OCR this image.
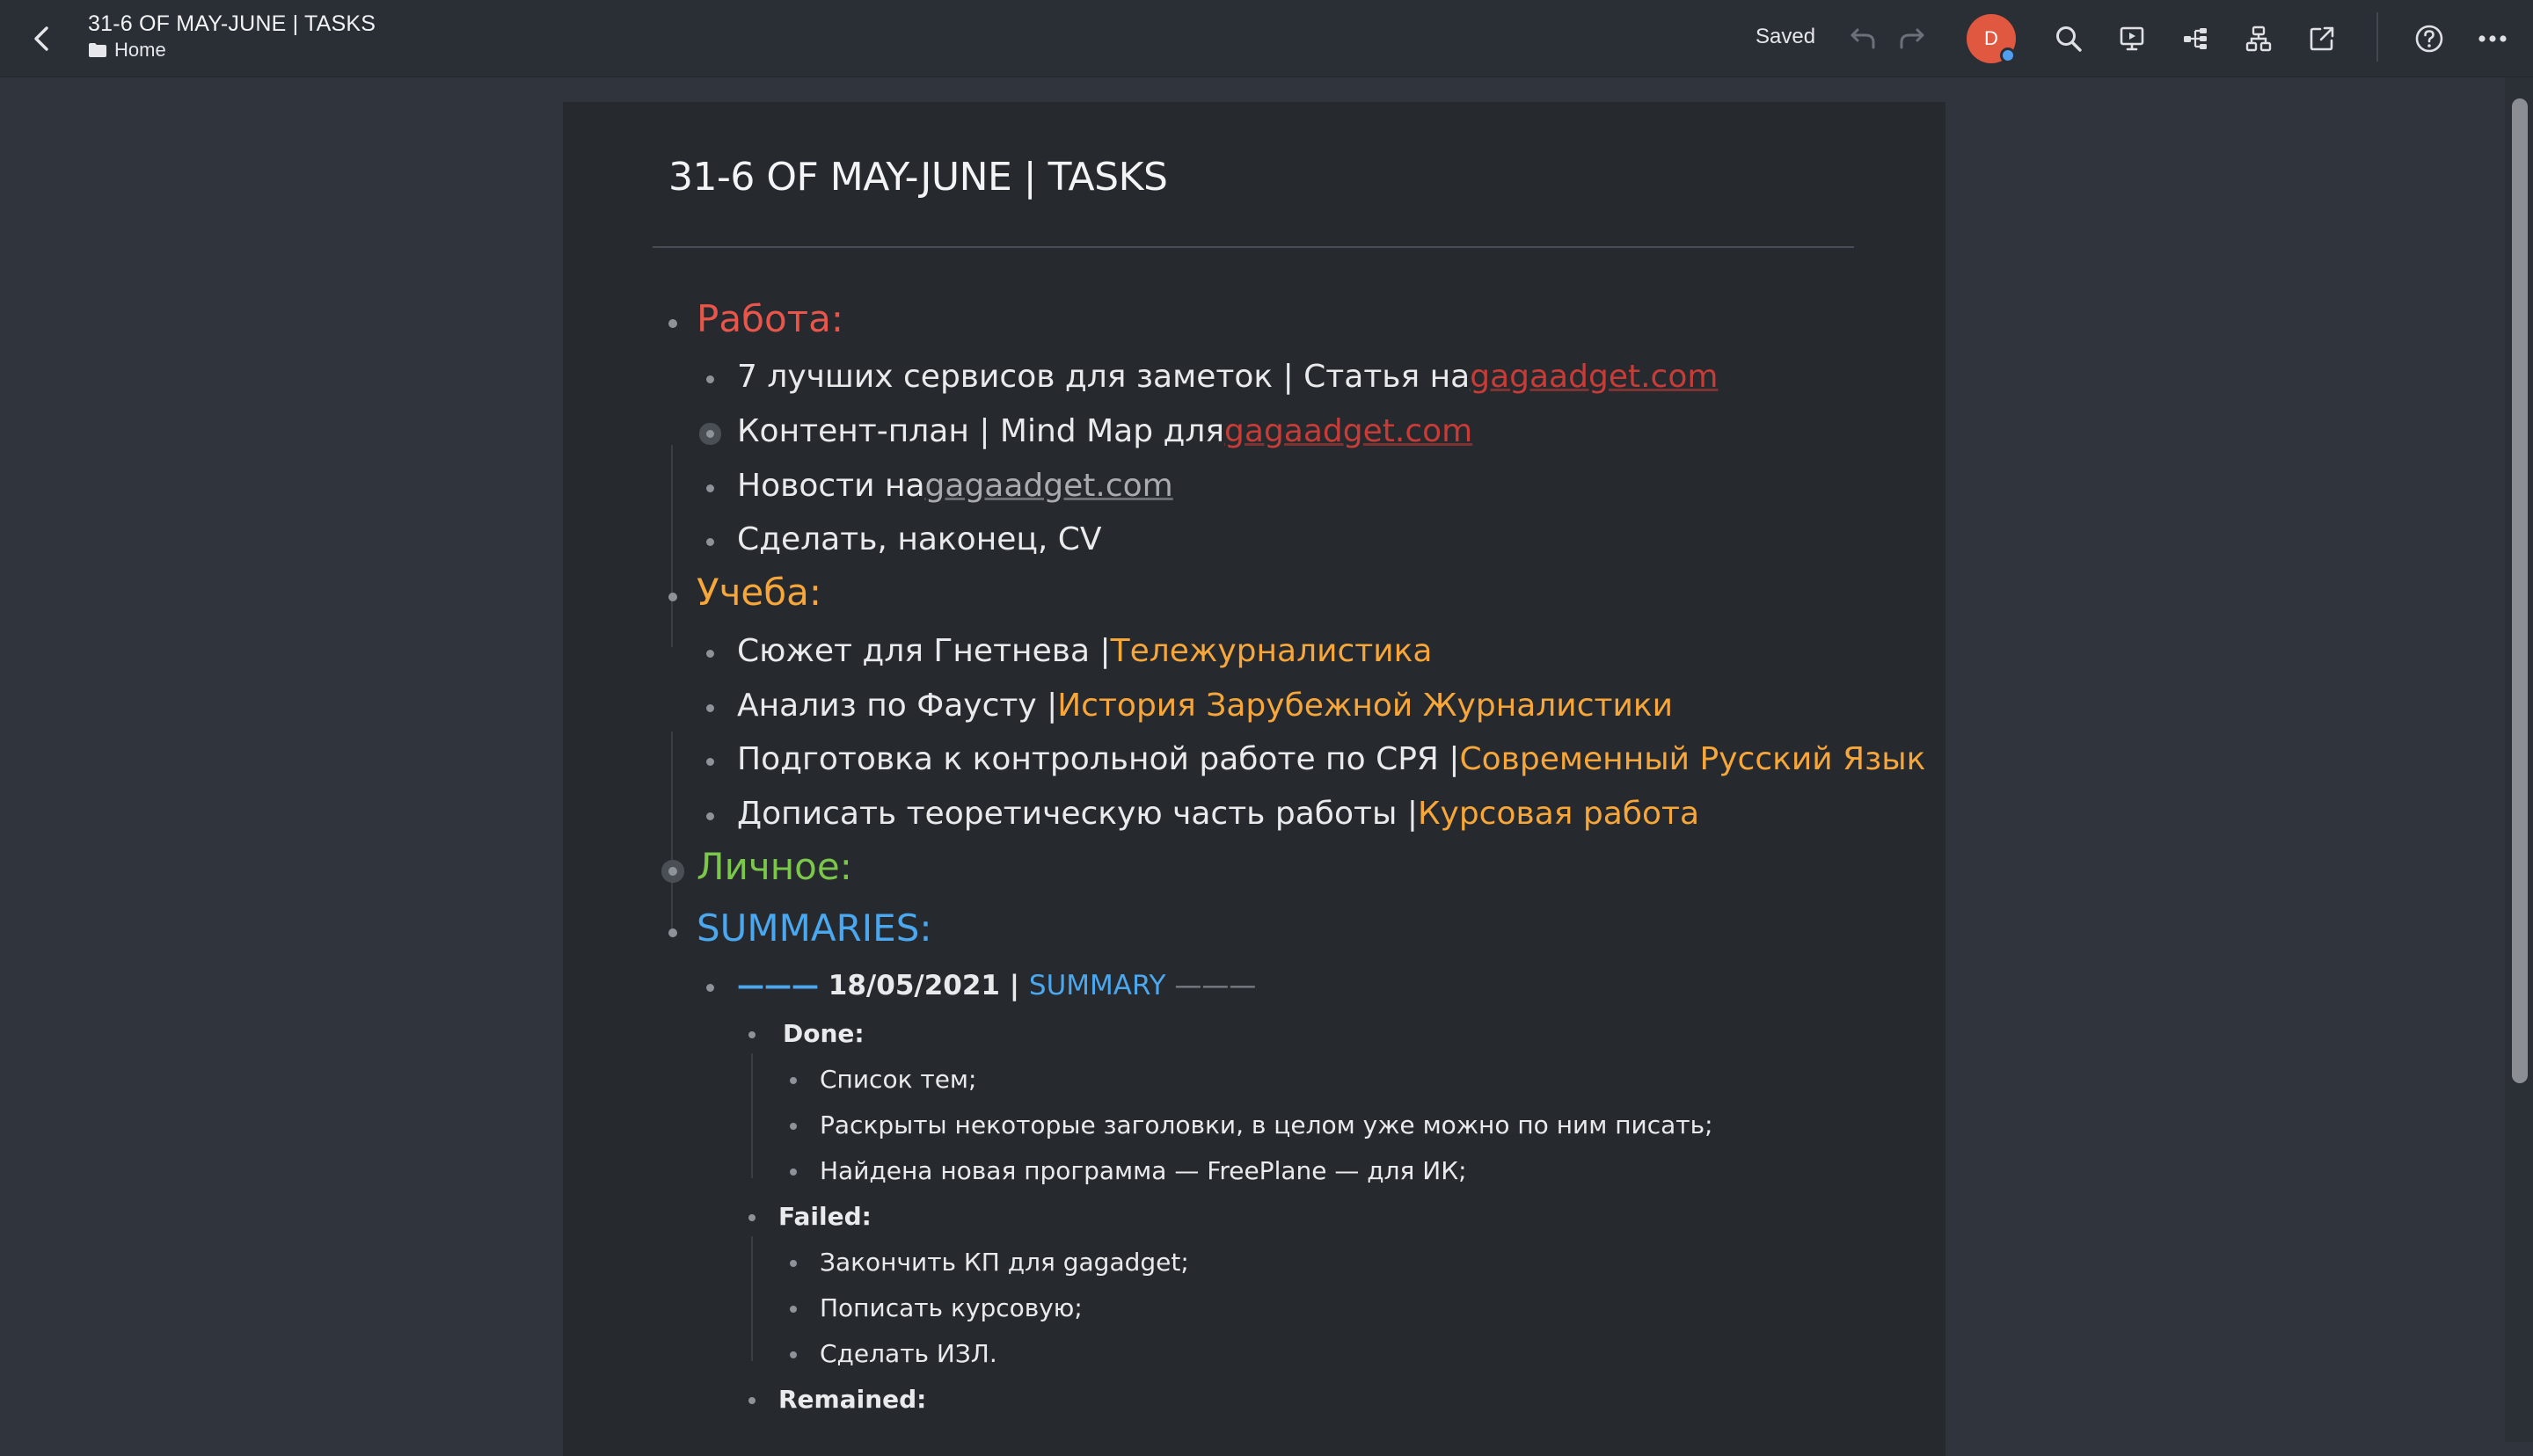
31-6 OF MAY-JUNE | TASKS
Home
Saved	D
31-6 OF MAY-JUNE | TASKS
Работа:
7 лучших сервисов для заметок | Статья на gagaadget.com
Контент-план | Mind Map для gagaadget.com
Новости на gagaadget.com
Сделать, наконец, CV
Учеба:
Сюжет для Гнетнева | Тележурналистика
Анализ по Фаусту | История Зарубежной Журналистики
Подготовка к контрольной работе по СРЯ | Современный Русский Язык
Дописать теоретическую часть работы | Курсовая работа
Личное:
SUMMARIES:
——— 18/05/2021 | SUMMARY ———
Done:
Список тем;
Раскрыты некоторые заголовки, в целом уже можно по ним писать;
Найдена новая программа — FreePlane — для ИК;
Failed:
Закончить КП для gagadget;
Пописать курсовую;
Сделать ИЗЛ.
Remained:
